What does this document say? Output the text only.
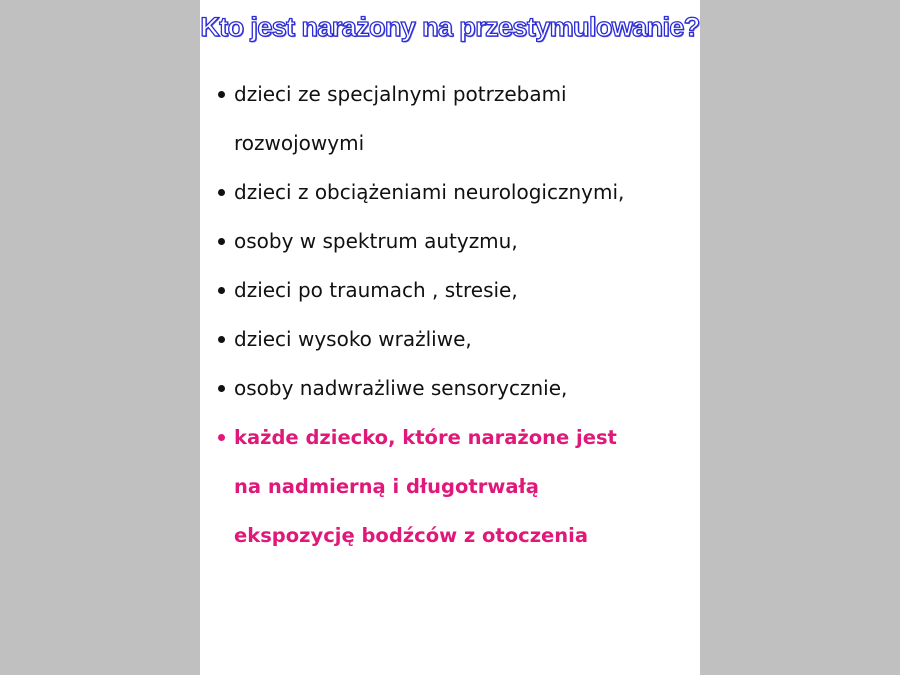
Kto jest narażony na przestymulowanie?
dzieci ze specjalnymi potrzebami
rozwojowymi
dzieci z obciążeniami neurologicznymi,
osoby w spektrum autyzmu,
dzieci po traumach , stresie,
dzieci wysoko wrażliwe,
osoby nadwrażliwe sensorycznie,
każde dziecko, które narażone jest
na nadmierną i długotrwałą
ekspozycję bodźców z otoczenia
